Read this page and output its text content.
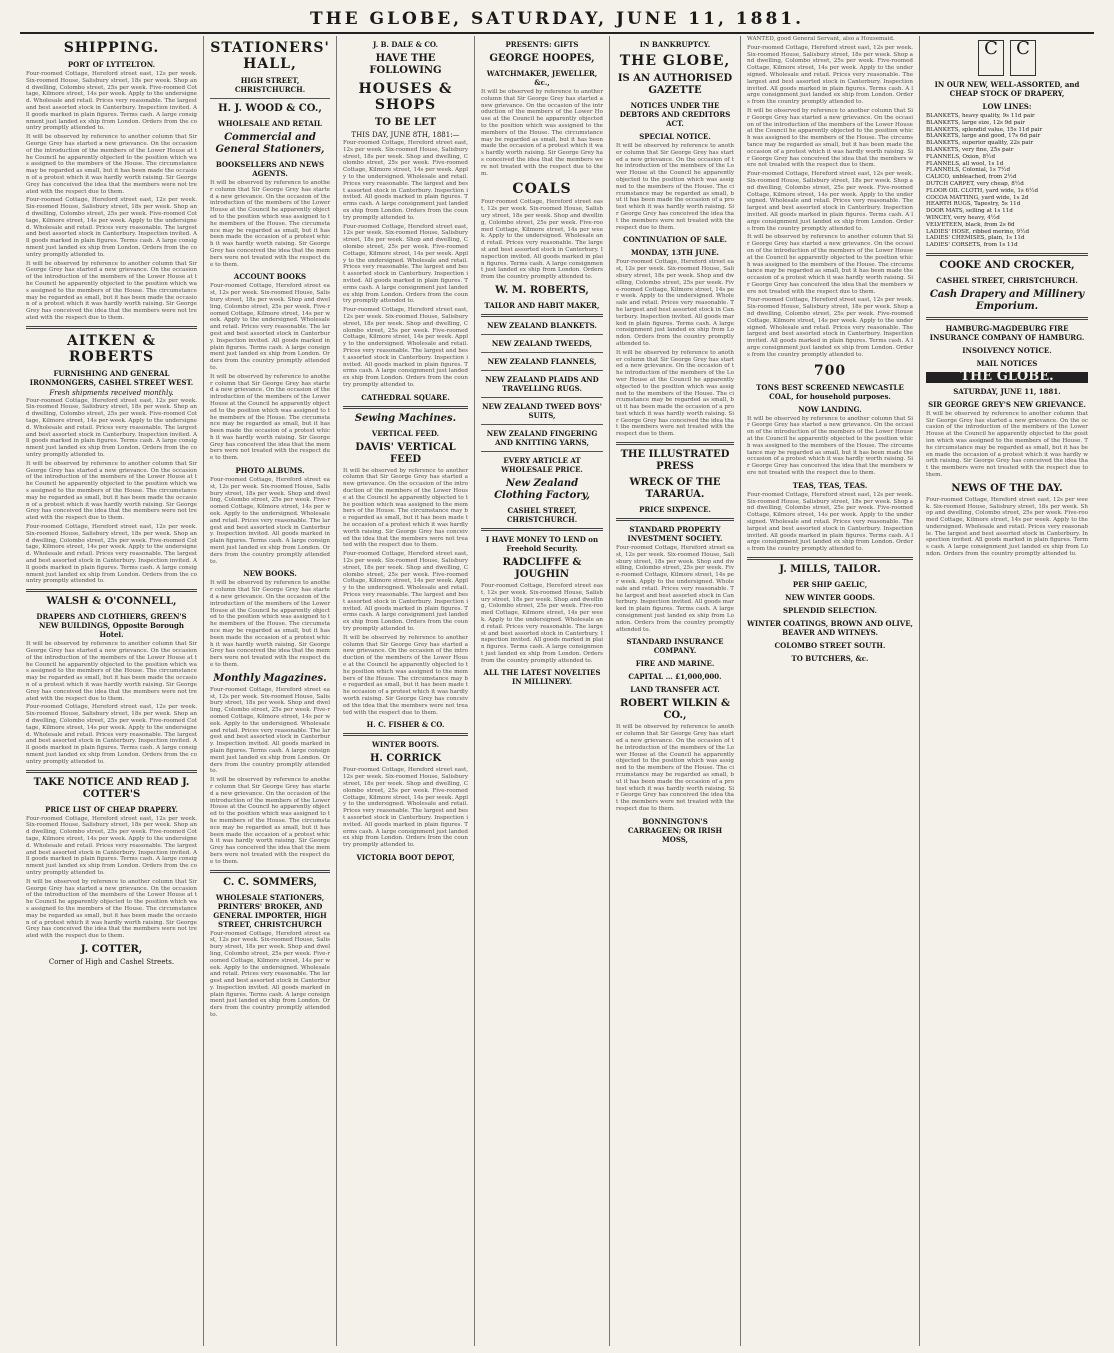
THE GLOBE, SATURDAY, JUNE 11, 1881.
SHIPPING.
PORT OF LYTTELTON.

Four-roomed Cottage, Hereford street east, 12s per week. Six-roomed House, Salisbury street, 18s per week. Shop and dwelling, Colombo street, 25s per week. Five-roomed Cottage, Kilmore street, 14s per week. Apply to the undersigned. Wholesale and retail. Prices very reasonable. The largest and best assorted stock in Canterbury. Inspection invited. All goods marked in plain figures. Terms cash. A large consignment just landed ex ship from London. Orders from the country promptly attended to.

It will be observed by reference to another column that Sir George Grey has started a new grievance. On the occasion of the introduction of the members of the Lower House at the Council he apparently objected to the position which was assigned to the members of the House. The circumstance may be regarded as small, but it has been made the occasion of a protest which it was hardly worth raising. Sir George Grey has conceived the idea that the members were not treated with the respect due to them.

Four-roomed Cottage, Hereford street east, 12s per week. Six-roomed House, Salisbury street, 18s per week. Shop and dwelling, Colombo street, 25s per week. Five-roomed Cottage, Kilmore street, 14s per week. Apply to the undersigned. Wholesale and retail. Prices very reasonable. The largest and best assorted stock in Canterbury. Inspection invited. All goods marked in plain figures. Terms cash. A large consignment just landed ex ship from London. Orders from the country promptly attended to.

It will be observed by reference to another column that Sir George Grey has started a new grievance. On the occasion of the introduction of the members of the Lower House at the Council he apparently objected to the position which was assigned to the members of the House. The circumstance may be regarded as small, but it has been made the occasion of a protest which it was hardly worth raising. Sir George Grey has conceived the idea that the members were not treated with the respect due to them.

AITKEN & ROBERTS
FURNISHING AND GENERAL IRONMONGERS, CASHEL STREET WEST.
Fresh shipments received monthly.

Four-roomed Cottage, Hereford street east, 12s per week. Six-roomed House, Salisbury street, 18s per week. Shop and dwelling, Colombo street, 25s per week. Five-roomed Cottage, Kilmore street, 14s per week. Apply to the undersigned. Wholesale and retail. Prices very reasonable. The largest and best assorted stock in Canterbury. Inspection invited. All goods marked in plain figures. Terms cash. A large consignment just landed ex ship from London. Orders from the country promptly attended to.

It will be observed by reference to another column that Sir George Grey has started a new grievance. On the occasion of the introduction of the members of the Lower House at the Council he apparently objected to the position which was assigned to the members of the House. The circumstance may be regarded as small, but it has been made the occasion of a protest which it was hardly worth raising. Sir George Grey has conceived the idea that the members were not treated with the respect due to them.

Four-roomed Cottage, Hereford street east, 12s per week. Six-roomed House, Salisbury street, 18s per week. Shop and dwelling, Colombo street, 25s per week. Five-roomed Cottage, Kilmore street, 14s per week. Apply to the undersigned. Wholesale and retail. Prices very reasonable. The largest and best assorted stock in Canterbury. Inspection invited. All goods marked in plain figures. Terms cash. A large consignment just landed ex ship from London. Orders from the country promptly attended to.

WALSH & O'CONNELL,
DRAPERS AND CLOTHIERS, GREEN'S NEW BUILDINGS, Opposite Borough Hotel.

It will be observed by reference to another column that Sir George Grey has started a new grievance. On the occasion of the introduction of the members of the Lower House at the Council he apparently objected to the position which was assigned to the members of the House. The circumstance may be regarded as small, but it has been made the occasion of a protest which it was hardly worth raising. Sir George Grey has conceived the idea that the members were not treated with the respect due to them.

Four-roomed Cottage, Hereford street east, 12s per week. Six-roomed House, Salisbury street, 18s per week. Shop and dwelling, Colombo street, 25s per week. Five-roomed Cottage, Kilmore street, 14s per week. Apply to the undersigned. Wholesale and retail. Prices very reasonable. The largest and best assorted stock in Canterbury. Inspection invited. All goods marked in plain figures. Terms cash. A large consignment just landed ex ship from London. Orders from the country promptly attended to.

TAKE NOTICE AND READ J. COTTER'S
PRICE LIST OF CHEAP DRAPERY.

Four-roomed Cottage, Hereford street east, 12s per week. Six-roomed House, Salisbury street, 18s per week. Shop and dwelling, Colombo street, 25s per week. Five-roomed Cottage, Kilmore street, 14s per week. Apply to the undersigned. Wholesale and retail. Prices very reasonable. The largest and best assorted stock in Canterbury. Inspection invited. All goods marked in plain figures. Terms cash. A large consignment just landed ex ship from London. Orders from the country promptly attended to.

It will be observed by reference to another column that Sir George Grey has started a new grievance. On the occasion of the introduction of the members of the Lower House at the Council he apparently objected to the position which was assigned to the members of the House. The circumstance may be regarded as small, but it has been made the occasion of a protest which it was hardly worth raising. Sir George Grey has conceived the idea that the members were not treated with the respect due to them.

J. COTTER,
Corner of High and Cashel Streets.
STATIONERS' HALL,
HIGH STREET, CHRISTCHURCH.
H. J. WOOD & CO.,
WHOLESALE AND RETAIL
Commercial and General Stationers,
BOOKSELLERS AND NEWS AGENTS.

It will be observed by reference to another column that Sir George Grey has started a new grievance. On the occasion of the introduction of the members of the Lower House at the Council he apparently objected to the position which was assigned to the members of the House. The circumstance may be regarded as small, but it has been made the occasion of a protest which it was hardly worth raising. Sir George Grey has conceived the idea that the members were not treated with the respect due to them.

ACCOUNT BOOKS

Four-roomed Cottage, Hereford street east, 12s per week. Six-roomed House, Salisbury street, 18s per week. Shop and dwelling, Colombo street, 25s per week. Five-roomed Cottage, Kilmore street, 14s per week. Apply to the undersigned. Wholesale and retail. Prices very reasonable. The largest and best assorted stock in Canterbury. Inspection invited. All goods marked in plain figures. Terms cash. A large consignment just landed ex ship from London. Orders from the country promptly attended to.

It will be observed by reference to another column that Sir George Grey has started a new grievance. On the occasion of the introduction of the members of the Lower House at the Council he apparently objected to the position which was assigned to the members of the House. The circumstance may be regarded as small, but it has been made the occasion of a protest which it was hardly worth raising. Sir George Grey has conceived the idea that the members were not treated with the respect due to them.

PHOTO ALBUMS.

Four-roomed Cottage, Hereford street east, 12s per week. Six-roomed House, Salisbury street, 18s per week. Shop and dwelling, Colombo street, 25s per week. Five-roomed Cottage, Kilmore street, 14s per week. Apply to the undersigned. Wholesale and retail. Prices very reasonable. The largest and best assorted stock in Canterbury. Inspection invited. All goods marked in plain figures. Terms cash. A large consignment just landed ex ship from London. Orders from the country promptly attended to.

NEW BOOKS.

It will be observed by reference to another column that Sir George Grey has started a new grievance. On the occasion of the introduction of the members of the Lower House at the Council he apparently objected to the position which was assigned to the members of the House. The circumstance may be regarded as small, but it has been made the occasion of a protest which it was hardly worth raising. Sir George Grey has conceived the idea that the members were not treated with the respect due to them.

Monthly Magazines.

Four-roomed Cottage, Hereford street east, 12s per week. Six-roomed House, Salisbury street, 18s per week. Shop and dwelling, Colombo street, 25s per week. Five-roomed Cottage, Kilmore street, 14s per week. Apply to the undersigned. Wholesale and retail. Prices very reasonable. The largest and best assorted stock in Canterbury. Inspection invited. All goods marked in plain figures. Terms cash. A large consignment just landed ex ship from London. Orders from the country promptly attended to.

It will be observed by reference to another column that Sir George Grey has started a new grievance. On the occasion of the introduction of the members of the Lower House at the Council he apparently objected to the position which was assigned to the members of the House. The circumstance may be regarded as small, but it has been made the occasion of a protest which it was hardly worth raising. Sir George Grey has conceived the idea that the members were not treated with the respect due to them.

C. C. SOMMERS,
WHOLESALE STATIONERS, PRINTERS' BROKER, AND GENERAL IMPORTER, HIGH STREET, CHRISTCHURCH

Four-roomed Cottage, Hereford street east, 12s per week. Six-roomed House, Salisbury street, 18s per week. Shop and dwelling, Colombo street, 25s per week. Five-roomed Cottage, Kilmore street, 14s per week. Apply to the undersigned. Wholesale and retail. Prices very reasonable. The largest and best assorted stock in Canterbury. Inspection invited. All goods marked in plain figures. Terms cash. A large consignment just landed ex ship from London. Orders from the country promptly attended to.

J. B. DALE & CO.
HAVE THE FOLLOWING
HOUSES & SHOPS
TO BE LET
THIS DAY, JUNE 8TH, 1881:—

Four-roomed Cottage, Hereford street east, 12s per week. Six-roomed House, Salisbury street, 18s per week. Shop and dwelling, Colombo street, 25s per week. Five-roomed Cottage, Kilmore street, 14s per week. Apply to the undersigned. Wholesale and retail. Prices very reasonable. The largest and best assorted stock in Canterbury. Inspection invited. All goods marked in plain figures. Terms cash. A large consignment just landed ex ship from London. Orders from the country promptly attended to.

Four-roomed Cottage, Hereford street east, 12s per week. Six-roomed House, Salisbury street, 18s per week. Shop and dwelling, Colombo street, 25s per week. Five-roomed Cottage, Kilmore street, 14s per week. Apply to the undersigned. Wholesale and retail. Prices very reasonable. The largest and best assorted stock in Canterbury. Inspection invited. All goods marked in plain figures. Terms cash. A large consignment just landed ex ship from London. Orders from the country promptly attended to.

Four-roomed Cottage, Hereford street east, 12s per week. Six-roomed House, Salisbury street, 18s per week. Shop and dwelling, Colombo street, 25s per week. Five-roomed Cottage, Kilmore street, 14s per week. Apply to the undersigned. Wholesale and retail. Prices very reasonable. The largest and best assorted stock in Canterbury. Inspection invited. All goods marked in plain figures. Terms cash. A large consignment just landed ex ship from London. Orders from the country promptly attended to.

CATHEDRAL SQUARE.
Sewing Machines.
VERTICAL FEED.
DAVIS' VERTICAL FEED

It will be observed by reference to another column that Sir George Grey has started a new grievance. On the occasion of the introduction of the members of the Lower House at the Council he apparently objected to the position which was assigned to the members of the House. The circumstance may be regarded as small, but it has been made the occasion of a protest which it was hardly worth raising. Sir George Grey has conceived the idea that the members were not treated with the respect due to them.

Four-roomed Cottage, Hereford street east, 12s per week. Six-roomed House, Salisbury street, 18s per week. Shop and dwelling, Colombo street, 25s per week. Five-roomed Cottage, Kilmore street, 14s per week. Apply to the undersigned. Wholesale and retail. Prices very reasonable. The largest and best assorted stock in Canterbury. Inspection invited. All goods marked in plain figures. Terms cash. A large consignment just landed ex ship from London. Orders from the country promptly attended to.

It will be observed by reference to another column that Sir George Grey has started a new grievance. On the occasion of the introduction of the members of the Lower House at the Council he apparently objected to the position which was assigned to the members of the House. The circumstance may be regarded as small, but it has been made the occasion of a protest which it was hardly worth raising. Sir George Grey has conceived the idea that the members were not treated with the respect due to them.

H. C. FISHER & CO.
WINTER BOOTS.
H. CORRICK

Four-roomed Cottage, Hereford street east, 12s per week. Six-roomed House, Salisbury street, 18s per week. Shop and dwelling, Colombo street, 25s per week. Five-roomed Cottage, Kilmore street, 14s per week. Apply to the undersigned. Wholesale and retail. Prices very reasonable. The largest and best assorted stock in Canterbury. Inspection invited. All goods marked in plain figures. Terms cash. A large consignment just landed ex ship from London. Orders from the country promptly attended to.

VICTORIA BOOT DEPOT,
PRESENTS: GIFTS
GEORGE HOOPES,
WATCHMAKER, JEWELLER, &c.,

It will be observed by reference to another column that Sir George Grey has started a new grievance. On the occasion of the introduction of the members of the Lower House at the Council he apparently objected to the position which was assigned to the members of the House. The circumstance may be regarded as small, but it has been made the occasion of a protest which it was hardly worth raising. Sir George Grey has conceived the idea that the members were not treated with the respect due to them.

COALS

Four-roomed Cottage, Hereford street east, 12s per week. Six-roomed House, Salisbury street, 18s per week. Shop and dwelling, Colombo street, 25s per week. Five-roomed Cottage, Kilmore street, 14s per week. Apply to the undersigned. Wholesale and retail. Prices very reasonable. The largest and best assorted stock in Canterbury. Inspection invited. All goods marked in plain figures. Terms cash. A large consignment just landed ex ship from London. Orders from the country promptly attended to.

W. M. ROBERTS,
TAILOR AND HABIT MAKER,
NEW ZEALAND BLANKETS.
NEW ZEALAND TWEEDS,
NEW ZEALAND FLANNELS,
NEW ZEALAND PLAIDS AND TRAVELLING RUGS.
NEW ZEALAND TWEED BOYS' SUITS,
NEW ZEALAND FINGERING AND KNITTING YARNS,
EVERY ARTICLE AT WHOLESALE PRICE.
New Zealand Clothing Factory,
CASHEL STREET, CHRISTCHURCH.
I HAVE MONEY TO LEND on Freehold Security.
RADCLIFFE & JOUGHIN

Four-roomed Cottage, Hereford street east, 12s per week. Six-roomed House, Salisbury street, 18s per week. Shop and dwelling, Colombo street, 25s per week. Five-roomed Cottage, Kilmore street, 14s per week. Apply to the undersigned. Wholesale and retail. Prices very reasonable. The largest and best assorted stock in Canterbury. Inspection invited. All goods marked in plain figures. Terms cash. A large consignment just landed ex ship from London. Orders from the country promptly attended to.

ALL THE LATEST NOVELTIES IN MILLINERY.
IN BANKRUPTCY.
THE GLOBE,
IS AN AUTHORISED GAZETTE
NOTICES UNDER THE DEBTORS AND CREDITORS ACT.
SPECIAL NOTICE.

It will be observed by reference to another column that Sir George Grey has started a new grievance. On the occasion of the introduction of the members of the Lower House at the Council he apparently objected to the position which was assigned to the members of the House. The circumstance may be regarded as small, but it has been made the occasion of a protest which it was hardly worth raising. Sir George Grey has conceived the idea that the members were not treated with the respect due to them.

CONTINUATION OF SALE.
MONDAY, 13TH JUNE.

Four-roomed Cottage, Hereford street east, 12s per week. Six-roomed House, Salisbury street, 18s per week. Shop and dwelling, Colombo street, 25s per week. Five-roomed Cottage, Kilmore street, 14s per week. Apply to the undersigned. Wholesale and retail. Prices very reasonable. The largest and best assorted stock in Canterbury. Inspection invited. All goods marked in plain figures. Terms cash. A large consignment just landed ex ship from London. Orders from the country promptly attended to.

It will be observed by reference to another column that Sir George Grey has started a new grievance. On the occasion of the introduction of the members of the Lower House at the Council he apparently objected to the position which was assigned to the members of the House. The circumstance may be regarded as small, but it has been made the occasion of a protest which it was hardly worth raising. Sir George Grey has conceived the idea that the members were not treated with the respect due to them.

THE ILLUSTRATED PRESS
WRECK OF THE TARARUA.
PRICE SIXPENCE.
STANDARD PROPERTY INVESTMENT SOCIETY.

Four-roomed Cottage, Hereford street east, 12s per week. Six-roomed House, Salisbury street, 18s per week. Shop and dwelling, Colombo street, 25s per week. Five-roomed Cottage, Kilmore street, 14s per week. Apply to the undersigned. Wholesale and retail. Prices very reasonable. The largest and best assorted stock in Canterbury. Inspection invited. All goods marked in plain figures. Terms cash. A large consignment just landed ex ship from London. Orders from the country promptly attended to.

STANDARD INSURANCE COMPANY.
FIRE AND MARINE.
CAPITAL ... £1,000,000.
LAND TRANSFER ACT.
ROBERT WILKIN & CO.,

It will be observed by reference to another column that Sir George Grey has started a new grievance. On the occasion of the introduction of the members of the Lower House at the Council he apparently objected to the position which was assigned to the members of the House. The circumstance may be regarded as small, but it has been made the occasion of a protest which it was hardly worth raising. Sir George Grey has conceived the idea that the members were not treated with the respect due to them.

BONNINGTON'S CARRAGEEN; OR IRISH MOSS,

WANTED, good General Servant, also a Housemaid.

Four-roomed Cottage, Hereford street east, 12s per week. Six-roomed House, Salisbury street, 18s per week. Shop and dwelling, Colombo street, 25s per week. Five-roomed Cottage, Kilmore street, 14s per week. Apply to the undersigned. Wholesale and retail. Prices very reasonable. The largest and best assorted stock in Canterbury. Inspection invited. All goods marked in plain figures. Terms cash. A large consignment just landed ex ship from London. Orders from the country promptly attended to.

It will be observed by reference to another column that Sir George Grey has started a new grievance. On the occasion of the introduction of the members of the Lower House at the Council he apparently objected to the position which was assigned to the members of the House. The circumstance may be regarded as small, but it has been made the occasion of a protest which it was hardly worth raising. Sir George Grey has conceived the idea that the members were not treated with the respect due to them.

Four-roomed Cottage, Hereford street east, 12s per week. Six-roomed House, Salisbury street, 18s per week. Shop and dwelling, Colombo street, 25s per week. Five-roomed Cottage, Kilmore street, 14s per week. Apply to the undersigned. Wholesale and retail. Prices very reasonable. The largest and best assorted stock in Canterbury. Inspection invited. All goods marked in plain figures. Terms cash. A large consignment just landed ex ship from London. Orders from the country promptly attended to.

It will be observed by reference to another column that Sir George Grey has started a new grievance. On the occasion of the introduction of the members of the Lower House at the Council he apparently objected to the position which was assigned to the members of the House. The circumstance may be regarded as small, but it has been made the occasion of a protest which it was hardly worth raising. Sir George Grey has conceived the idea that the members were not treated with the respect due to them.

Four-roomed Cottage, Hereford street east, 12s per week. Six-roomed House, Salisbury street, 18s per week. Shop and dwelling, Colombo street, 25s per week. Five-roomed Cottage, Kilmore street, 14s per week. Apply to the undersigned. Wholesale and retail. Prices very reasonable. The largest and best assorted stock in Canterbury. Inspection invited. All goods marked in plain figures. Terms cash. A large consignment just landed ex ship from London. Orders from the country promptly attended to.

700
TONS BEST SCREENED NEWCASTLE COAL, for household purposes.
NOW LANDING.

It will be observed by reference to another column that Sir George Grey has started a new grievance. On the occasion of the introduction of the members of the Lower House at the Council he apparently objected to the position which was assigned to the members of the House. The circumstance may be regarded as small, but it has been made the occasion of a protest which it was hardly worth raising. Sir George Grey has conceived the idea that the members were not treated with the respect due to them.

TEAS, TEAS, TEAS.

Four-roomed Cottage, Hereford street east, 12s per week. Six-roomed House, Salisbury street, 18s per week. Shop and dwelling, Colombo street, 25s per week. Five-roomed Cottage, Kilmore street, 14s per week. Apply to the undersigned. Wholesale and retail. Prices very reasonable. The largest and best assorted stock in Canterbury. Inspection invited. All goods marked in plain figures. Terms cash. A large consignment just landed ex ship from London. Orders from the country promptly attended to.

J. MILLS, TAILOR.
PER SHIP GAELIC,
NEW WINTER GOODS.
SPLENDID SELECTION.
WINTER COATINGS, BROWN AND OLIVE, BEAVER AND WITNEYS.
COLOMBO STREET SOUTH.
TO BUTCHERS, &c.
C	C
IN OUR NEW, WELL-ASSORTED, and CHEAP STOCK OF DRAPERY,
LOW LINES:
BLANKETS, heavy quality, 9s 11d pair
BLANKETS, large size, 12s 9d pair
BLANKETS, splendid value, 15s 11d pair
BLANKETS, large and good, 17s 6d pair
BLANKETS, superior quality, 22s pair
BLANKETS, very fine, 25s pair
FLANNELS, Oxion, 8½d
FLANNELS, all wool, 1s 1d
FLANNELS, Colonial, 1s 7½d
CALICO, unbleached, from 2½d
DUTCH CARPET, very cheap, 8½d
FLOOR OIL CLOTH, yard wide, 1s 6½d
COCOA MATTING, yard wide, 1s 2d
HEARTH RUGS, Tapestry, 5s 11d
DOOR MATS, selling at 1s 11d
WINCEY, very heavy, 4½d
VELVETEEN, black, from 2s 6d
LADIES' HOSE, ribbed merino, 9½d
LADIES' CHEMISES, plain, 1s 11d
LADIES' CORSETS, from 1s 11d
COOKE AND CROCKER,
CASHEL STREET, CHRISTCHURCH.
Cash Drapery and Millinery Emporium.
HAMBURG-MAGDEBURG FIRE INSURANCE COMPANY OF HAMBURG.
INSOLVENCY NOTICE.
MAIL NOTICES
THE GLOBE.
SATURDAY, JUNE 11, 1881.
SIR GEORGE GREY'S NEW GRIEVANCE.

It will be observed by reference to another column that Sir George Grey has started a new grievance. On the occasion of the introduction of the members of the Lower House at the Council he apparently objected to the position which was assigned to the members of the House. The circumstance may be regarded as small, but it has been made the occasion of a protest which it was hardly worth raising. Sir George Grey has conceived the idea that the members were not treated with the respect due to them.

NEWS OF THE DAY.

Four-roomed Cottage, Hereford street east, 12s per week. Six-roomed House, Salisbury street, 18s per week. Shop and dwelling, Colombo street, 25s per week. Five-roomed Cottage, Kilmore street, 14s per week. Apply to the undersigned. Wholesale and retail. Prices very reasonable. The largest and best assorted stock in Canterbury. Inspection invited. All goods marked in plain figures. Terms cash. A large consignment just landed ex ship from London. Orders from the country promptly attended to.
